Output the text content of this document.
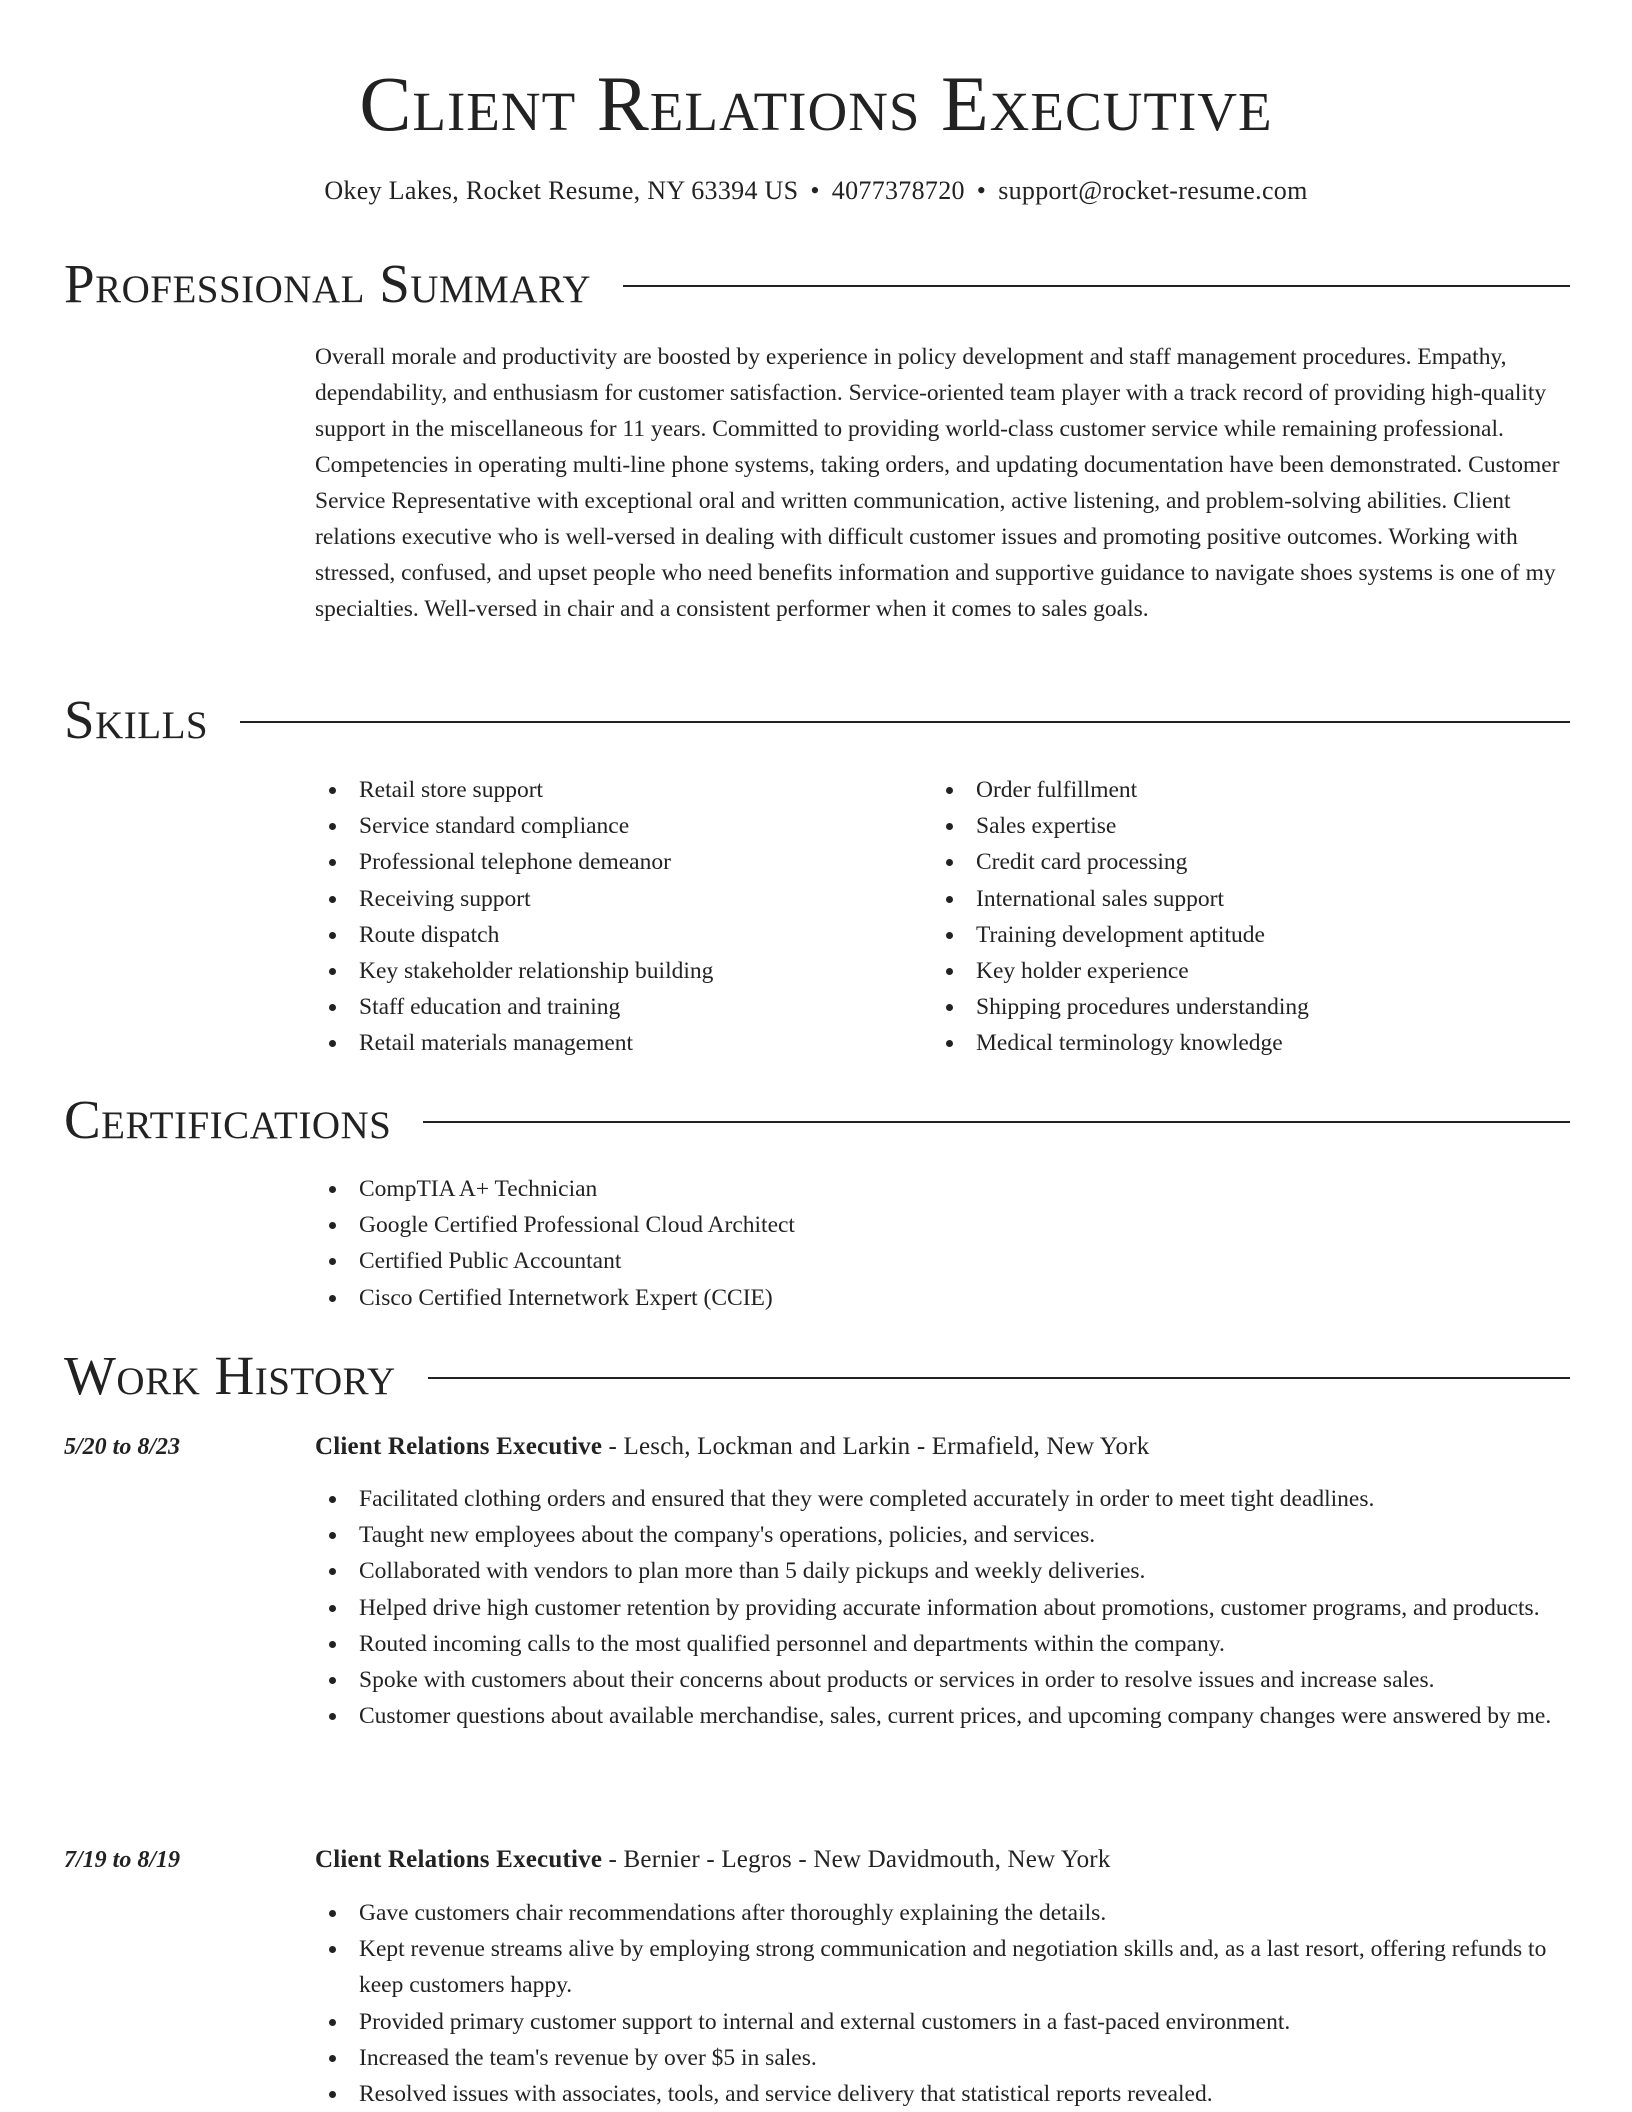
Client Relations Executive
Okey Lakes, Rocket Resume, NY 63394 US • 4077378720 • support@rocket-resume.com
Professional Summary

Overall morale and productivity are boosted by experience in policy development and staff management procedures. Empathy, dependability, and enthusiasm for customer satisfaction. Service-oriented team player with a track record of providing high-quality support in the miscellaneous for 11 years. Committed to providing world-class customer service while remaining professional. Competencies in operating multi-line phone systems, taking orders, and updating documentation have been demonstrated. Customer Service Representative with exceptional oral and written communication, active listening, and problem-solving abilities. Client relations executive who is well-versed in dealing with difficult customer issues and promoting positive outcomes. Working with stressed, confused, and upset people who need benefits information and supportive guidance to navigate shoes systems is one of my specialties. Well-versed in chair and a consistent performer when it comes to sales goals.

Skills
Retail store support
Service standard compliance
Professional telephone demeanor
Receiving support
Route dispatch
Key stakeholder relationship building
Staff education and training
Retail materials management
Order fulfillment
Sales expertise
Credit card processing
International sales support
Training development aptitude
Key holder experience
Shipping procedures understanding
Medical terminology knowledge
Certifications
CompTIA A+ Technician
Google Certified Professional Cloud Architect
Certified Public Accountant
Cisco Certified Internetwork Expert (CCIE)
Work History
5/20 to 8/23	Client Relations Executive - Lesch, Lockman and Larkin - Ermafield, New York
Facilitated clothing orders and ensured that they were completed accurately in order to meet tight deadlines.
Taught new employees about the company's operations, policies, and services.
Collaborated with vendors to plan more than 5 daily pickups and weekly deliveries.
Helped drive high customer retention by providing accurate information about promotions, customer programs, and products.
Routed incoming calls to the most qualified personnel and departments within the company.
Spoke with customers about their concerns about products or services in order to resolve issues and increase sales.
Customer questions about available merchandise, sales, current prices, and upcoming company changes were answered by me.
7/19 to 8/19	Client Relations Executive - Bernier - Legros - New Davidmouth, New York
Gave customers chair recommendations after thoroughly explaining the details.
Kept revenue streams alive by employing strong communication and negotiation skills and, as a last resort, offering refunds to keep customers happy.
Provided primary customer support to internal and external customers in a fast-paced environment.
Increased the team's revenue by over $5 in sales.
Resolved issues with associates, tools, and service delivery that statistical reports revealed.
